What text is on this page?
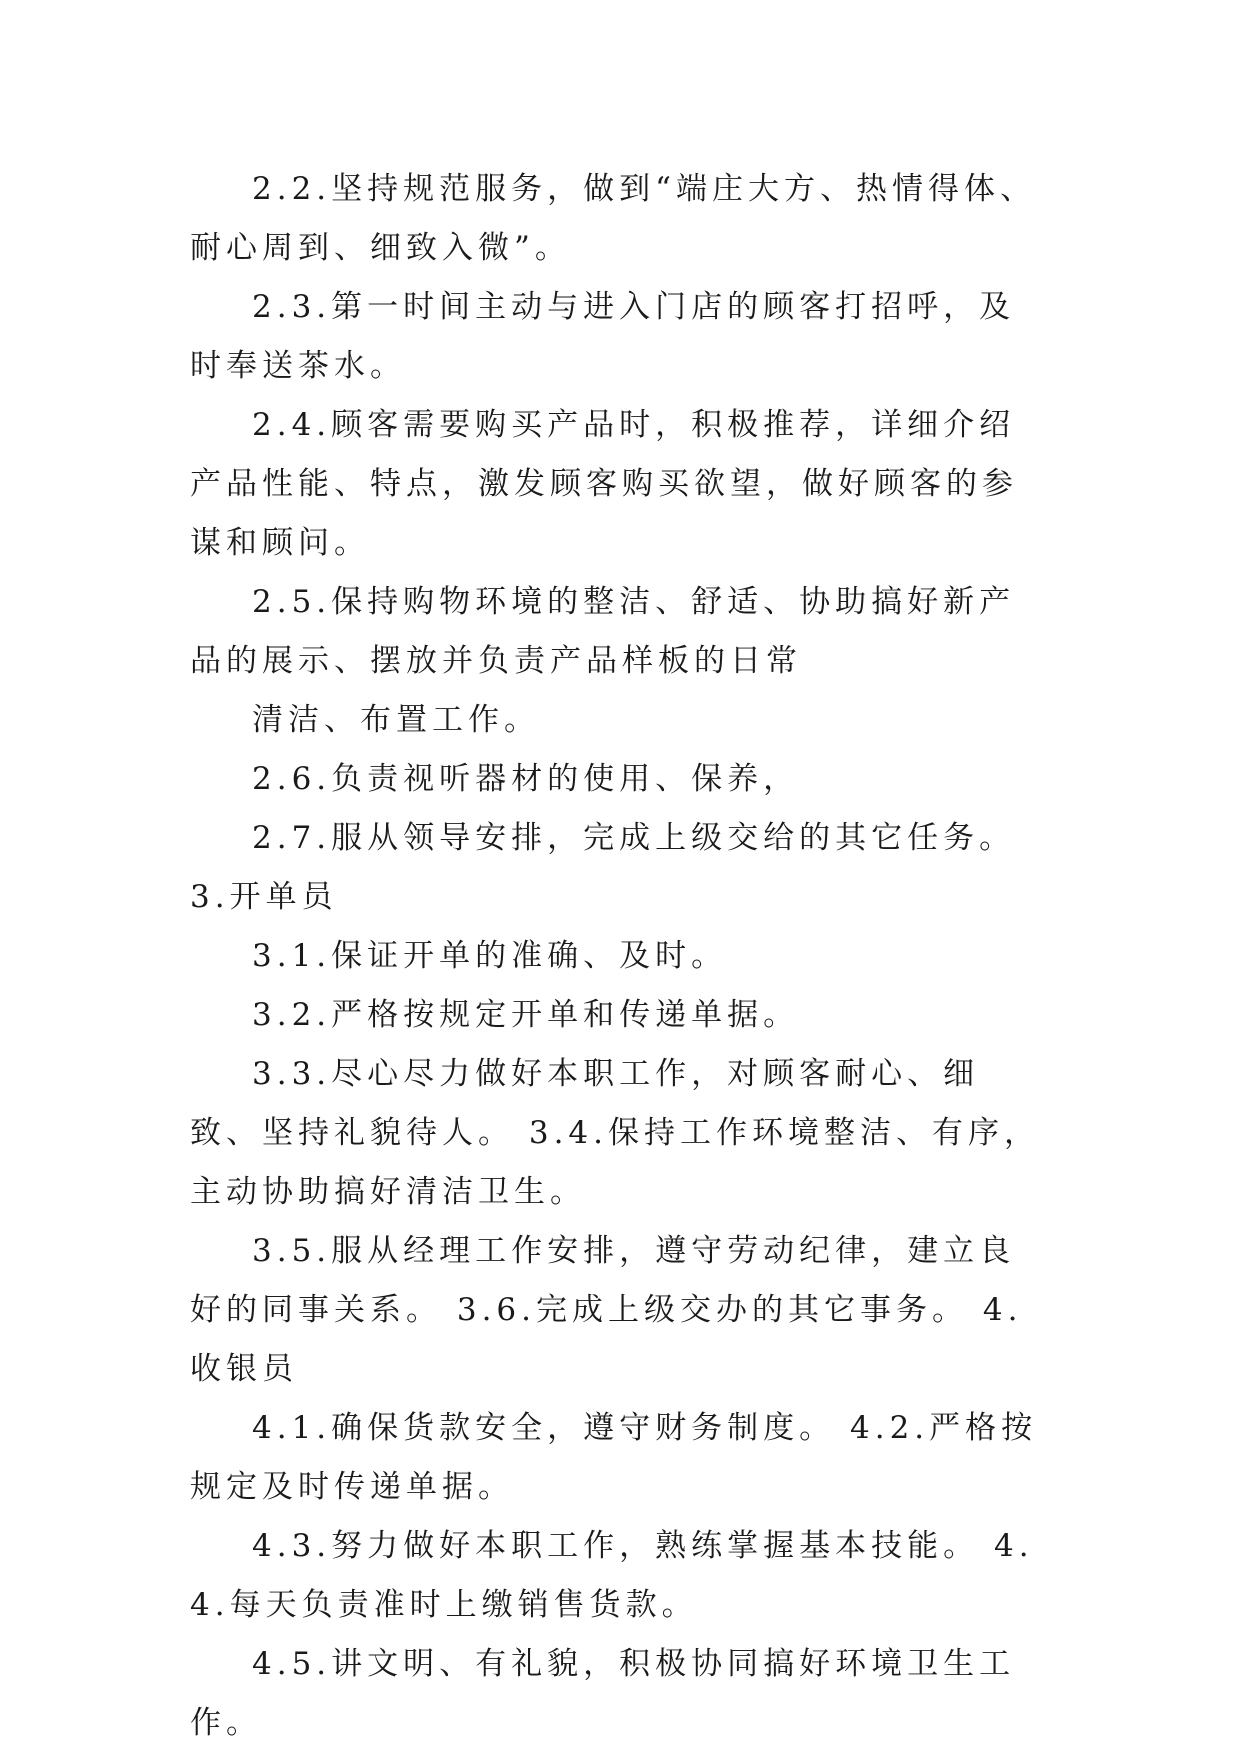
2.2.坚持规范服务，做到“端庄大方、热情得体、耐心周到、细致入微”。

2.3.第一时间主动与进入门店的顾客打招呼，及时奉送茶水。

2.4.顾客需要购买产品时，积极推荐，详细介绍产品性能、特点，激发顾客购买欲望，做好顾客的参谋和顾问。

2.5.保持购物环境的整洁、舒适、协助搞好新产品的展示、摆放并负责产品样板的日常

清洁、布置工作。

2.6.负责视听器材的使用、保养，

2.7.服从领导安排，完成上级交给的其它任务。 3.开单员

3.1.保证开单的准确、及时。

3.2.严格按规定开单和传递单据。

3.3.尽心尽力做好本职工作，对顾客耐心、细致、坚持礼貌待人。 3.4.保持工作环境整洁、有序，主动协助搞好清洁卫生。

3.5.服从经理工作安排，遵守劳动纪律，建立良好的同事关系。 3.6.完成上级交办的其它事务。 4.收银员

4.1.确保货款安全，遵守财务制度。 4.2.严格按规定及时传递单据。

4.3.努力做好本职工作，熟练掌握基本技能。 4.4.每天负责准时上缴销售货款。

4.5.讲文明、有礼貌，积极协同搞好环境卫生工作。
